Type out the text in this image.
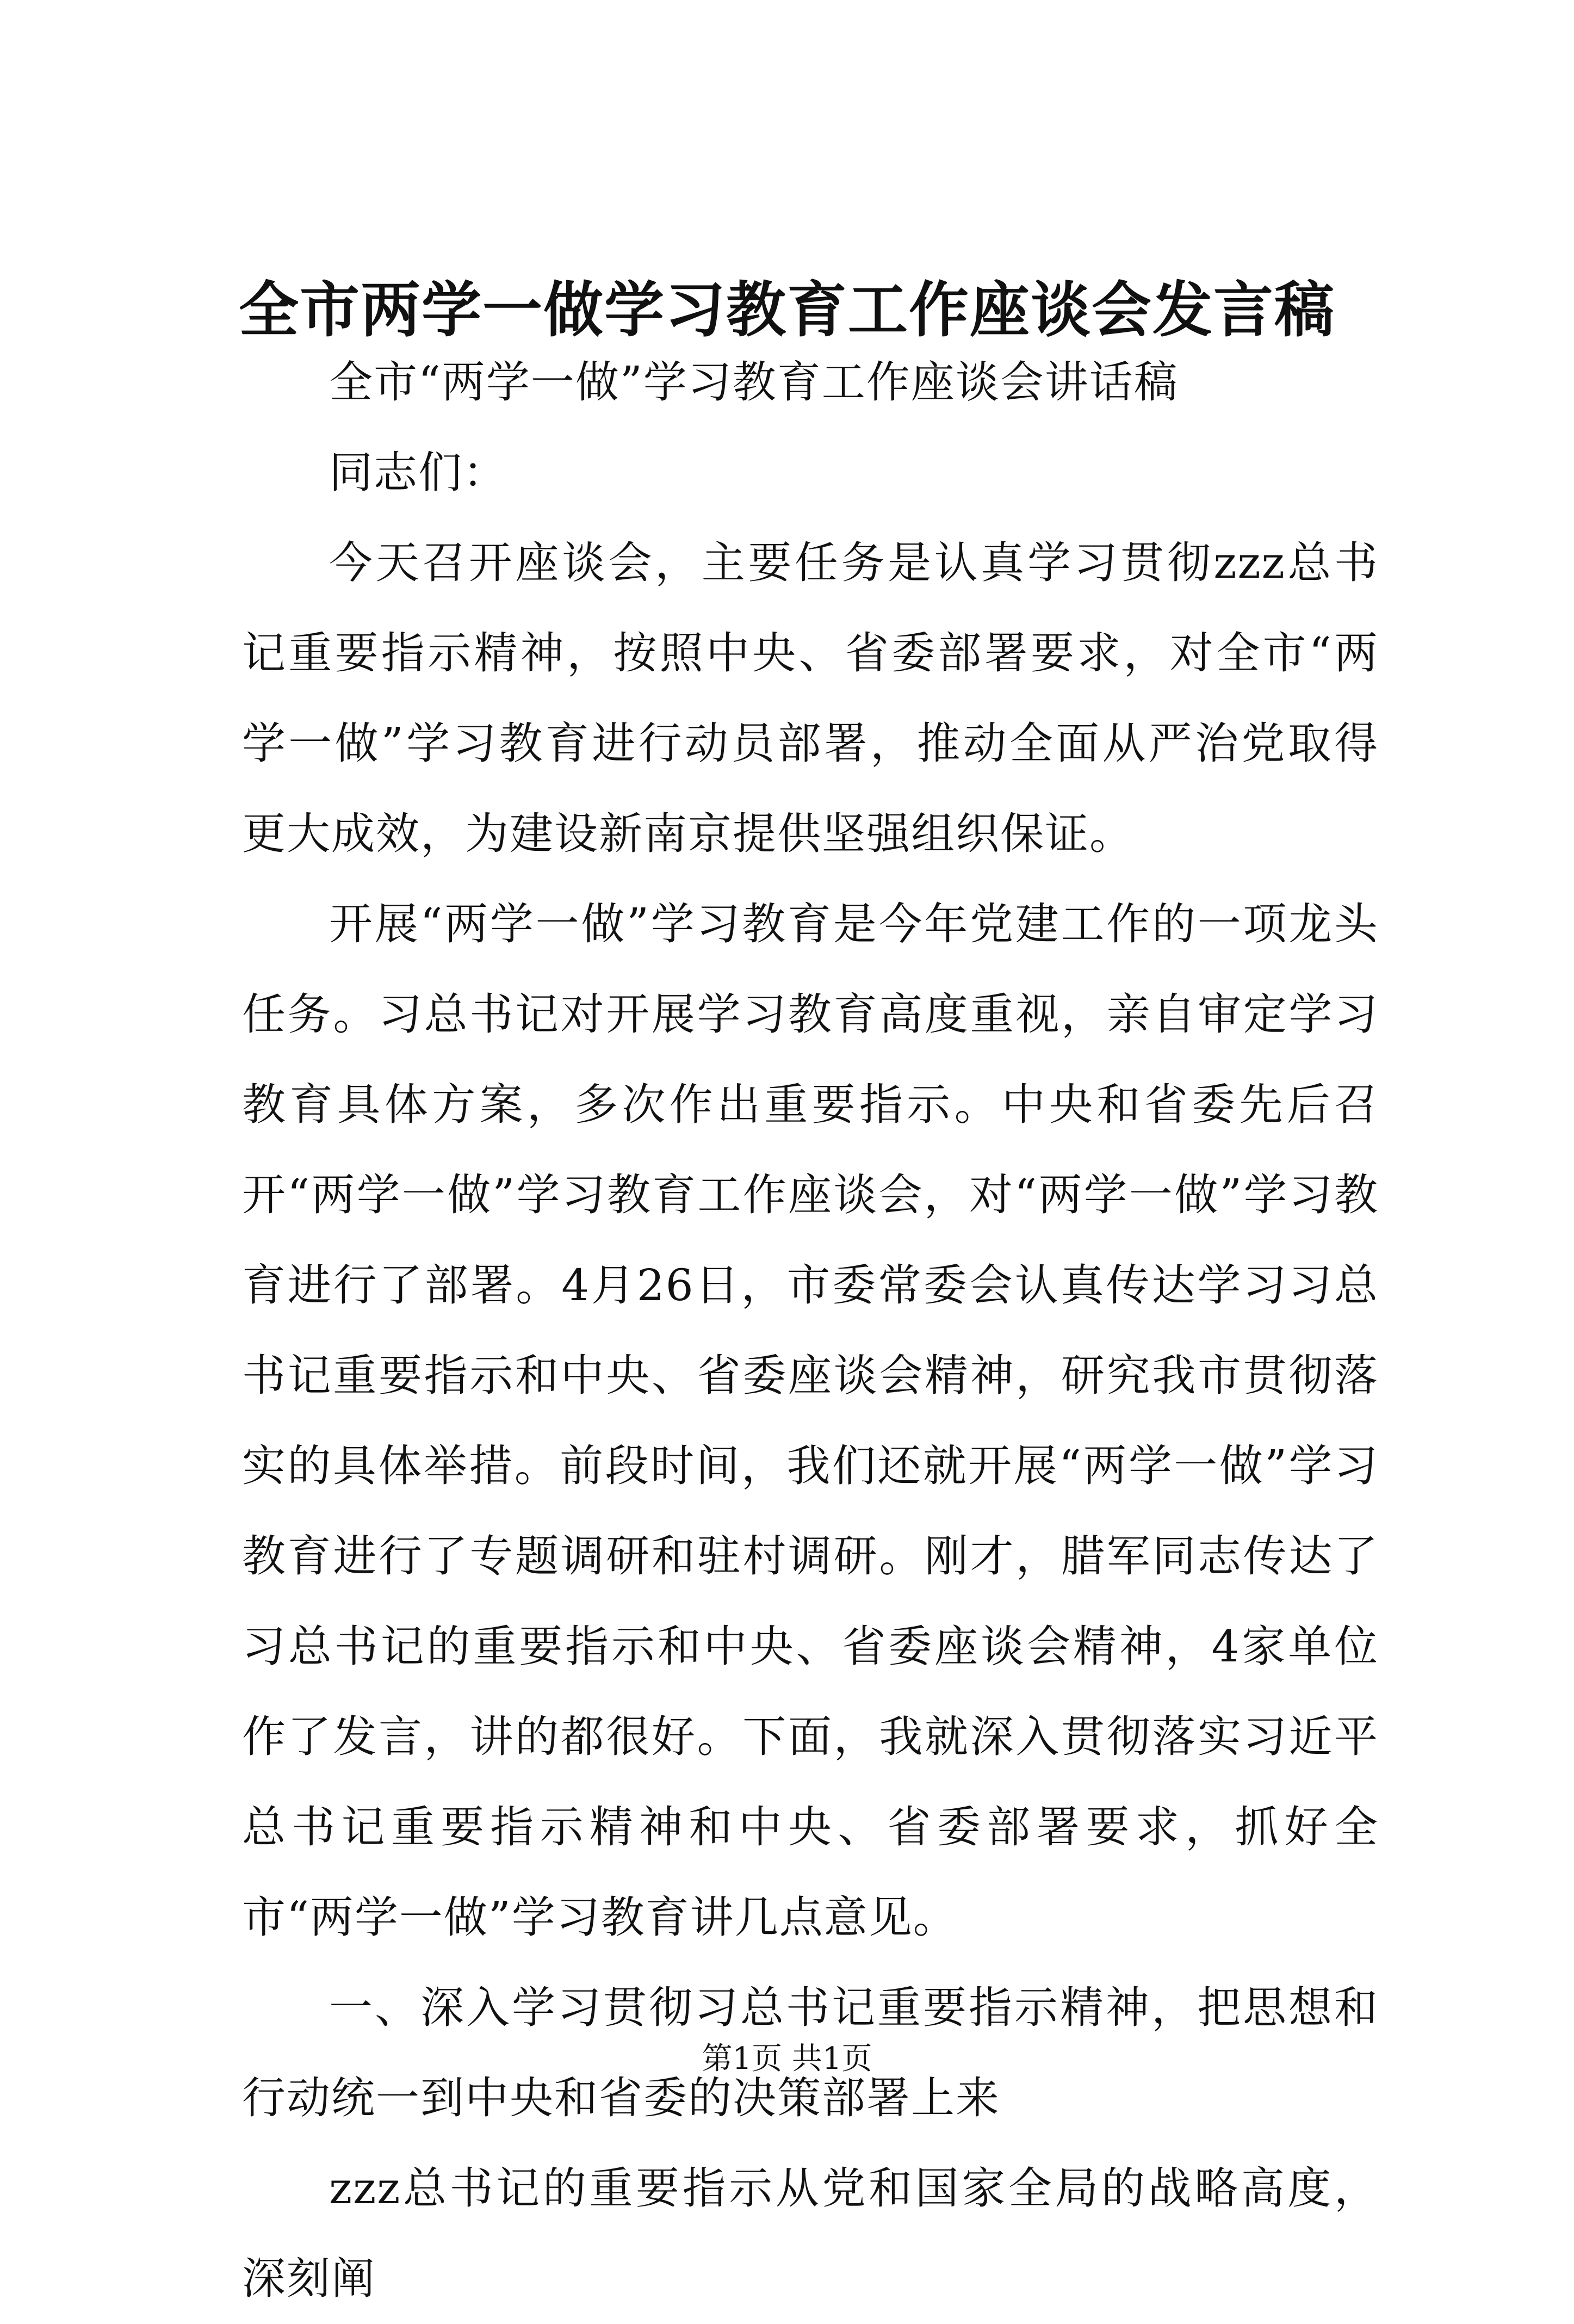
全市两学一做学习教育工作座谈会发言稿

全市“两学一做”学习教育工作座谈会讲话稿

同志们：

今天召开座谈会，主要任务是认真学习贯彻zzz总书记重要指示精神，按照中央、省委部署要求，对全市“两学一做”学习教育进行动员部署，推动全面从严治党取得更大成效，为建设新南京提供坚强组织保证。

开展“两学一做”学习教育是今年党建工作的一项龙头任务。习总书记对开展学习教育高度重视，亲自审定学习教育具体方案，多次作出重要指示。中央和省委先后召开“两学一做”学习教育工作座谈会，对“两学一做”学习教育进行了部署。4月26日，市委常委会认真传达学习习总书记重要指示和中央、省委座谈会精神，研究我市贯彻落实的具体举措。前段时间，我们还就开展“两学一做”学习教育进行了专题调研和驻村调研。刚才，腊军同志传达了习总书记的重要指示和中央、省委座谈会精神，4家单位作了发言，讲的都很好。下面，我就深入贯彻落实习近平总书记重要指示精神和中央、省委部署要求，抓好全市“两学一做”学习教育讲几点意见。

一、深入学习贯彻习总书记重要指示精神，把思想和行动统一到中央和省委的决策部署上来

zzz总书记的重要指示从党和国家全局的战略高度，深刻阐

第1页 共1页
